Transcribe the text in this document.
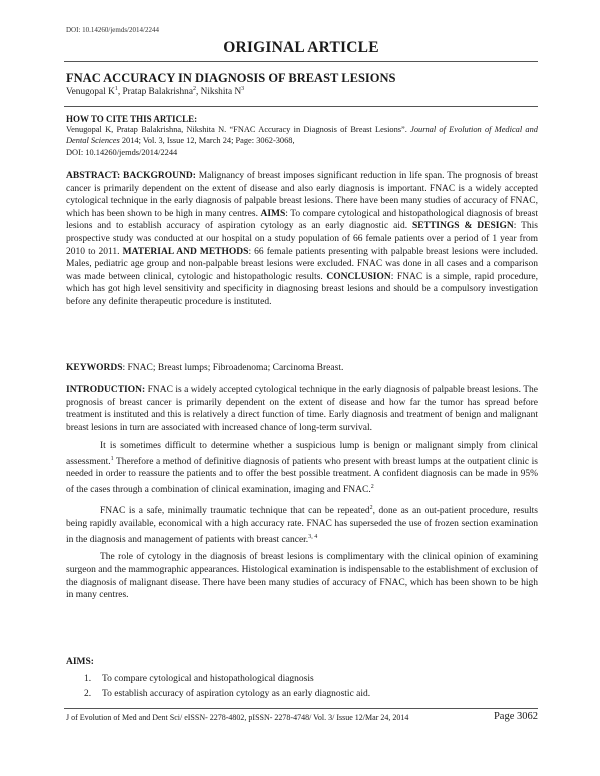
DOI: 10.14260/jemds/2014/2244
ORIGINAL ARTICLE
FNAC ACCURACY IN DIAGNOSIS OF BREAST LESIONS
Venugopal $K^1$, Pratap Balakrishna$^2$, Nikshita $N^3$
HOW TO CITE THIS ARTICLE:
Venugopal K, Pratap Balakrishna, Nikshita N. “FNAC Accuracy in Diagnosis of Breast Lesions”. Journal of Evolution of Medical and Dental Sciences 2014; Vol. 3, Issue 12, March 24; Page: 3062-3068,
DOI: 10.14260/jemds/2014/2244
ABSTRACT: BACKGROUND: Malignancy of breast imposes significant reduction in life span. The prognosis of breast cancer is primarily dependent on the extent of disease and also early diagnosis is important. FNAC is a widely accepted cytological technique in the early diagnosis of palpable breast lesions. There have been many studies of accuracy of FNAC, which has been shown to be high in many centres. AIMS: To compare cytological and histopathological diagnosis of breast lesions and to establish accuracy of aspiration cytology as an early diagnostic aid. SETTINGS & DESIGN: This prospective study was conducted at our hospital on a study population of 66 female patients over a period of 1 year from 2010 to 2011. MATERIAL AND METHODS: 66 female patients presenting with palpable breast lesions were included. Males, pediatric age group and non-palpable breast lesions were excluded. FNAC was done in all cases and a comparison was made between clinical, cytologic and histopathologic results. CONCLUSION: FNAC is a simple, rapid procedure, which has got high level sensitivity and specificity in diagnosing breast lesions and should be a compulsory investigation before any definite therapeutic procedure is instituted.
KEYWORDS: FNAC; Breast lumps; Fibroadenoma; Carcinoma Breast.

INTRODUCTION: FNAC is a widely accepted cytological technique in the early diagnosis of palpable breast lesions. The prognosis of breast cancer is primarily dependent on the extent of disease and how far the tumor has spread before treatment is instituted and this is relatively a direct function of time. Early diagnosis and treatment of benign and malignant breast lesions in turn are associated with increased chance of long-term survival.

It is sometimes difficult to determine whether a suspicious lump is benign or malignant simply from clinical assessment.$^1$ Therefore a method of definitive diagnosis of patients who present with breast lumps at the outpatient clinic is needed in order to reassure the patients and to offer the best possible treatment. A confident diagnosis can be made in 95% of the cases through a combination of clinical examination, imaging and FNAC.$^2$

FNAC is a safe, minimally traumatic technique that can be repeated$^2$, done as an out-patient procedure, results being rapidly available, economical with a high accuracy rate. FNAC has superseded the use of frozen section examination in the diagnosis and management of patients with breast cancer.$^{3, 4}$

The role of cytology in the diagnosis of breast lesions is complimentary with the clinical opinion of examining surgeon and the mammographic appearances. Histological examination is indispensable to the establishment of exclusion of the diagnosis of malignant disease. There have been many studies of accuracy of FNAC, which has been shown to be high in many centres.

AIMS:
1. To compare cytological and histopathological diagnosis
2. To establish accuracy of aspiration cytology as an early diagnostic aid.
J of Evolution of Med and Dent Sci/ eISSN- 2278-4802, pISSN- 2278-4748/ Vol. 3/ Issue 12/Mar 24, 2014	Page 3062
